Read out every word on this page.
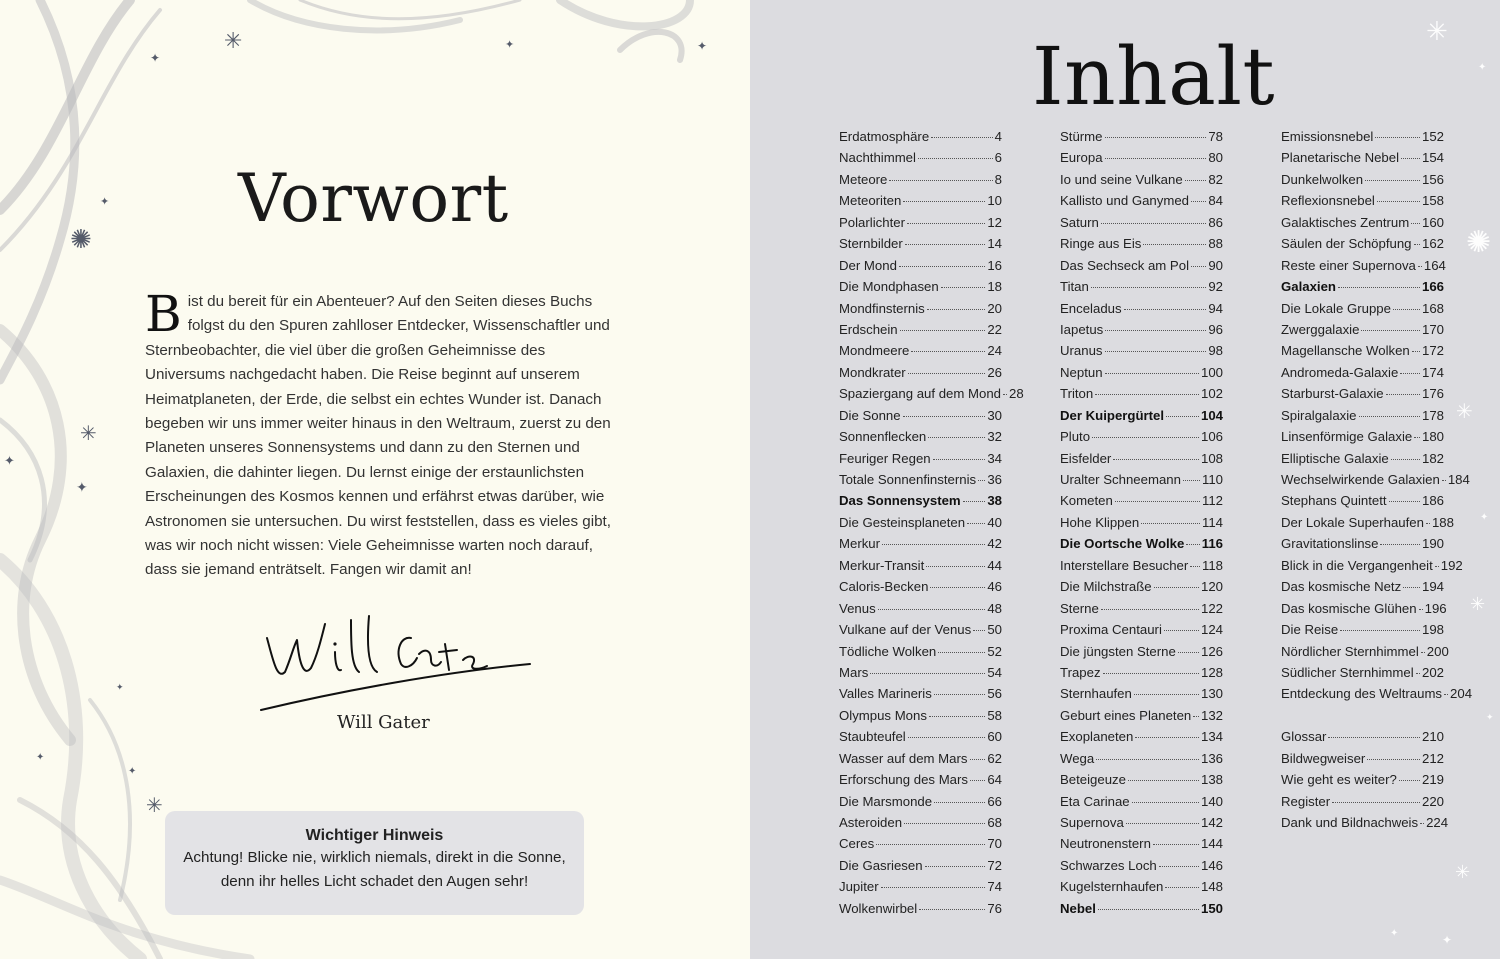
✳
✦
✺
✦
✳
✦
✦
✳
✦
✦
✦
✦
✦
Vorwort
Bist du bereit für ein Abenteuer? Auf den Seiten dieses Buchs folgst du den Spuren zahlloser Entdecker, Wissenschaftler und Sternbeobachter, die viel über die großen Geheimnisse des Universums nachgedacht haben. Die Reise beginnt auf unserem Heimatplaneten, der Erde, die selbst ein echtes Wunder ist. Danach begeben wir uns immer weiter hinaus in den Weltraum, zuerst zu den Planeten unseres Sonnensystems und dann zu den Sternen und Galaxien, die dahinter liegen. Du lernst einige der erstaunlichsten Erscheinungen des Kosmos kennen und erfährst etwas darüber, wie Astronomen sie untersuchen. Du wirst feststellen, dass es vieles gibt, was wir noch nicht wissen: Viele Geheimnisse warten noch darauf, dass sie jemand enträtselt. Fangen wir damit an!
Will Gater
Wichtiger Hinweis
Achtung! Blicke nie, wirklich niemals, direkt in die Sonne, denn ihr helles Licht schadet den Augen sehr!
✳
✺
✳
✳
✳
✦
✦
✦
✦
✦
Inhalt
Erdatmosphäre	4
Nachthimmel	6
Meteore	8
Meteoriten	10
Polarlichter	12
Sternbilder	14
Der Mond	16
Die Mondphasen	18
Mondfinsternis	20
Erdschein	22
Mondmeere	24
Mondkrater	26
Spaziergang auf dem Mond 28
Die Sonne	30
Sonnenflecken	32
Feuriger Regen	34
Totale Sonnenfinsternis 36
Das Sonnensystem 38
Die Gesteinsplaneten 40
Merkur	42
Merkur-Transit	44
Caloris-Becken	46
Venus	48
Vulkane auf der Venus 50
Tödliche Wolken	52
Mars	54
Valles Marineris	56
Olympus Mons	58
Staubteufel	60
Wasser auf dem Mars 62
Erforschung des Mars 64
Die Marsmonde	66
Asteroiden	68
Ceres	70
Die Gasriesen	72
Jupiter	74
Wolkenwirbel	76
Stürme	78
Europa	80
Io und seine Vulkane 82
Kallisto und Ganymed 84
Saturn	86
Ringe aus Eis	88
Das Sechseck am Pol 90
Titan	92
Enceladus	94
Iapetus	96
Uranus	98
Neptun	100
Triton	102
Der Kuipergürtel	104
Pluto	106
Eisfelder	108
Uralter Schneemann 110
Kometen	112
Hohe Klippen	114
Die Oortsche Wolke 116
Interstellare Besucher 118
Die Milchstraße	120
Sterne	122
Proxima Centauri	124
Die jüngsten Sterne 126
Trapez	128
Sternhaufen	130
Geburt eines Planeten 132
Exoplaneten	134
Wega	136
Beteigeuze	138
Eta Carinae	140
Supernova	142
Neutronenstern	144
Schwarzes Loch	146
Kugelsternhaufen	148
Nebel	150
Emissionsnebel	152
Planetarische Nebel 154
Dunkelwolken	156
Reflexionsnebel	158
Galaktisches Zentrum 160
Säulen der Schöpfung 162
Reste einer Supernova 164
Galaxien	166
Die Lokale Gruppe 168
Zwerggalaxie	170
Magellansche Wolken 172
Andromeda-Galaxie 174
Starburst-Galaxie	176
Spiralgalaxie	178
Linsenförmige Galaxie 180
Elliptische Galaxie	182
Wechselwirkende Galaxien 184
Stephans Quintett	186
Der Lokale Superhaufen 188
Gravitationslinse	190
Blick in die Vergangenheit 192
Das kosmische Netz 194
Das kosmische Glühen 196
Die Reise	198
Nördlicher Sternhimmel 200
Südlicher Sternhimmel 202
Entdeckung des Weltraums 204
Glossar	210
Bildwegweiser	212
Wie geht es weiter? 219
Register	220
Dank und Bildnachweis 224
